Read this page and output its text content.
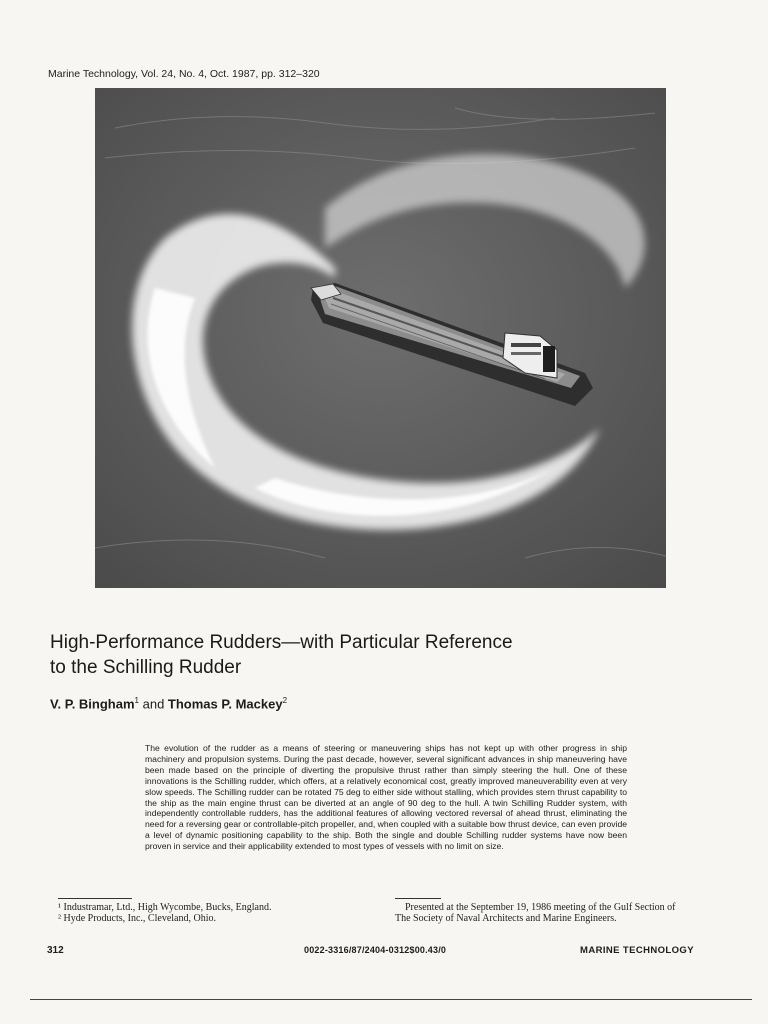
Marine Technology, Vol. 24, No. 4, Oct. 1987, pp. 312–320
High-Performance Rudders—with Particular Reference
to the Schilling Rudder
V. P. Bingham$^1$ and Thomas P. Mackey$^2$
The evolution of the rudder as a means of steering or maneuvering ships has not kept up with other progress in ship machinery and propulsion systems. During the past decade, however, several significant advances in ship maneuvering have been made based on the principle of diverting the propulsive thrust rather than simply steering the hull. One of these innovations is the Schilling rudder, which offers, at a relatively economical cost, greatly improved maneuverability even at very slow speeds. The Schilling rudder can be rotated 75 deg to either side without stalling, which provides stern thrust capability to the ship as the main engine thrust can be diverted at an angle of 90 deg to the hull. A twin Schilling Rudder system, with independently controllable rudders, has the additional features of allowing vectored reversal of ahead thrust, eliminating the need for a reversing gear or controllable-pitch propeller, and, when coupled with a suitable bow thrust device, can even provide a level of dynamic positioning capability to the ship. Both the single and double Schilling rudder systems have now been proven in service and their applicability extended to most types of vessels with no limit on size.
¹ Industramar, Ltd., High Wycombe, Bucks, England.
² Hyde Products, Inc., Cleveland, Ohio.
Presented at the September 19, 1986 meeting of the Gulf Section of
The Society of Naval Architects and Marine Engineers.
312	0022-3316/87/2404-0312$00.43/0	MARINE TECHNOLOGY
